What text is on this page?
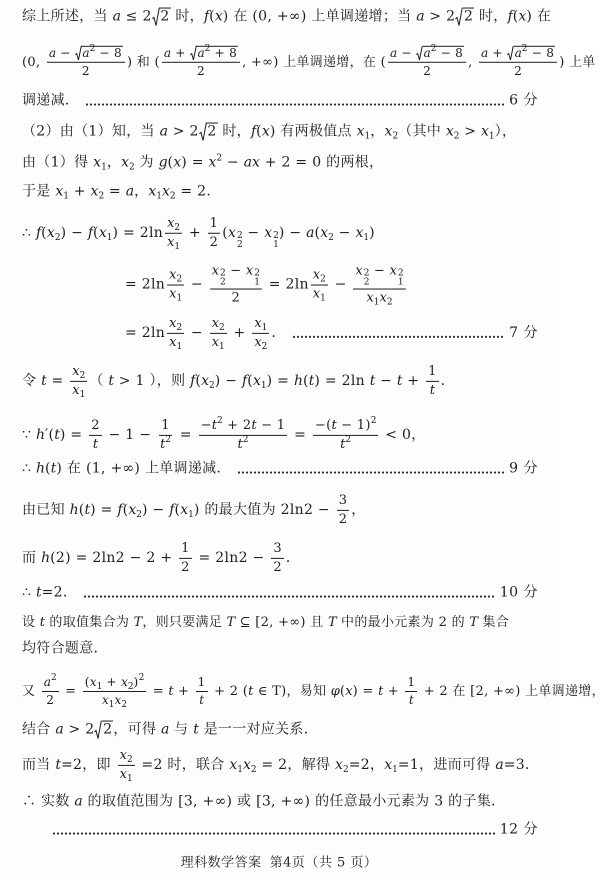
综上所述，当 a ≤ 2 2 时，f(x) 在 (0, +∞) 上单调递增；当 a > 2 2 时，f(x) 在
(0, a −
$a^2 - 8$
2 ) 和 ( a +
$a^2 + 8$
2 , +∞) 上单调递增，在 ( a −
$a^2 - 8$
2 , a +
$a^2 - 8$
2 ) 上单
调递减．	6 分
（2）由（1）知，当 a > 2 2 时，f(x) 有两极值点 $x_1$，$x_2$（其中 $x_2 > x_1$），
由（1）得 $x_1$，$x_2$ 为 $g(x) = x^2$ − ax + 2 = 0 的两根，
于是 $x_1 + x_2 = a$，$x_1x_2 = 2$．
∴ $f(x_2) - f(x_1) = 2\ln \frac{x_2}{x_1} + \frac{1}{2} (x$ 2
2
− x 2
1
) − $a(x_2 - x_1)$
= $2\ln \frac{x_2}{x_1} - x$ 2
2
− x 2
1
$2 = 2\ln \frac{x_2}{x_1} - x$ 2
2
− x 2
1
$x_1x_2$
= $2\ln \frac{x_2}{x_1} - \frac{x_2}{x_1} + \frac{x_1}{x_2}$ ．	7 分
令 $t = \frac{x_2}{x_1}$ （ t > 1 ），则 $f(x_2) - f(x_1) = h(t) = 2\ln$ $t - t + \frac{1}{t}$ ．
∵ $h'(t) = \frac{2}{t} - 1 - \frac{1}{t^2} = \frac{-t^2 + 2t - 1}{t^2} = \frac{-(t - 1)^2}{t^2} < 0$，
∴ h(t) 在 (1, +∞) 上单调递减．	9 分
由已知 $h(t) = f(x_2) - f(x_1)$ 的最大值为 $2\ln 2 - \frac{3}{2}$ ，
而 $h(2) = 2\ln 2 - 2 + \frac{1}{2} = 2\ln 2 - \frac{3}{2}$ ．
∴ t=2．	10 分
设 t 的取值集合为 T，则只要满足 T ⊆ [2, +∞) 且 T 中的最小元素为 2 的 T 集合
均符合题意．
又 $\frac{a^2}{2} = \frac{(x_1 + x_2)^2}{x_1x_2} = t + \frac{1}{t} + 2$ (t ∈ T)，易知 $\varphi(x) = t + \frac{1}{t} + 2$ 在 [2, +∞) 上单调递增，
结合 a > 2 2，可得 a 与 t 是一一对应关系．
而当 t=2，即 $\frac{x_2}{x_1} =2$ 时，联合 $x_1x_2 = 2$，解得 $x_2=2$，$x_1=1$，进而可得 a=3．
∴ 实数 a 的取值范围为 [3, +∞) 或 [3, +∞) 的任意最小元素为 3 的子集．
12 分
理科数学答案 第4页（共 5 页）
